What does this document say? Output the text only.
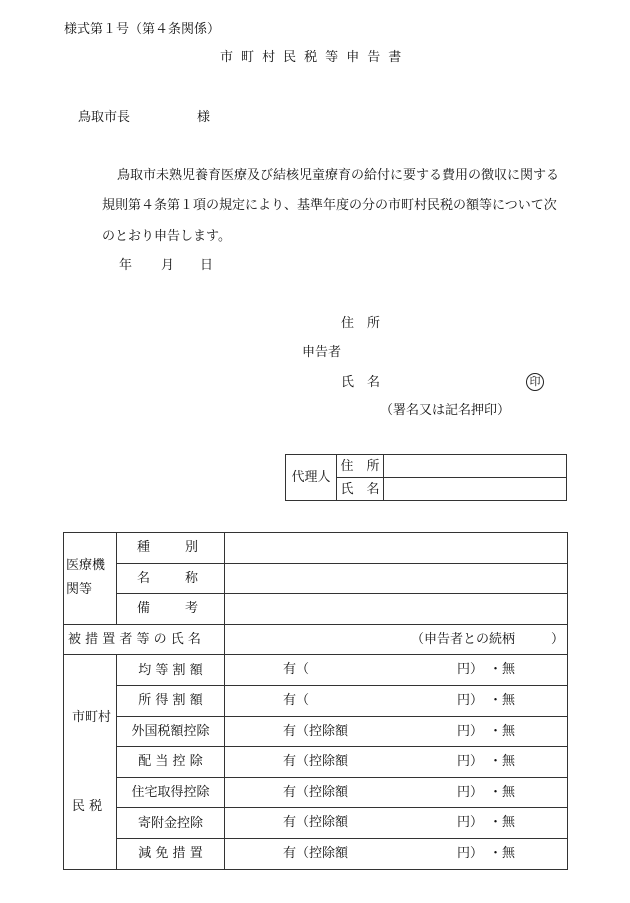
様式第１号（第４条関係）
市 町 村 民 税 等 申 告 書
鳥取市長	様
鳥取市未熟児養育医療及び結核児童療育の給付に要する費用の徴収に関する
規則第４条第１項の規定により、基準年度の分の市町村民税の額等について次
のとおり申告します。
年 月 日
住　所
申告者
氏　名	印
（署名又は記名押印）
代理人	住　所	
	氏　名	
医療機
関等	種 別	

	名 称	

	備 考	

被 措 置 者 等 の 氏 名		（申告者との続柄 ）

市町村
民 税	均 等 割 額	有（ 円） ・無

	所 得 割 額	有（ 円） ・無

	外国税額控除	有（控除額 円） ・無

	配 当 控 除	有（控除額 円） ・無

	住宅取得控除	有（控除額 円） ・無

	寄附金控除	有（控除額 円） ・無

	減 免 措 置	有（控除額 円） ・無
